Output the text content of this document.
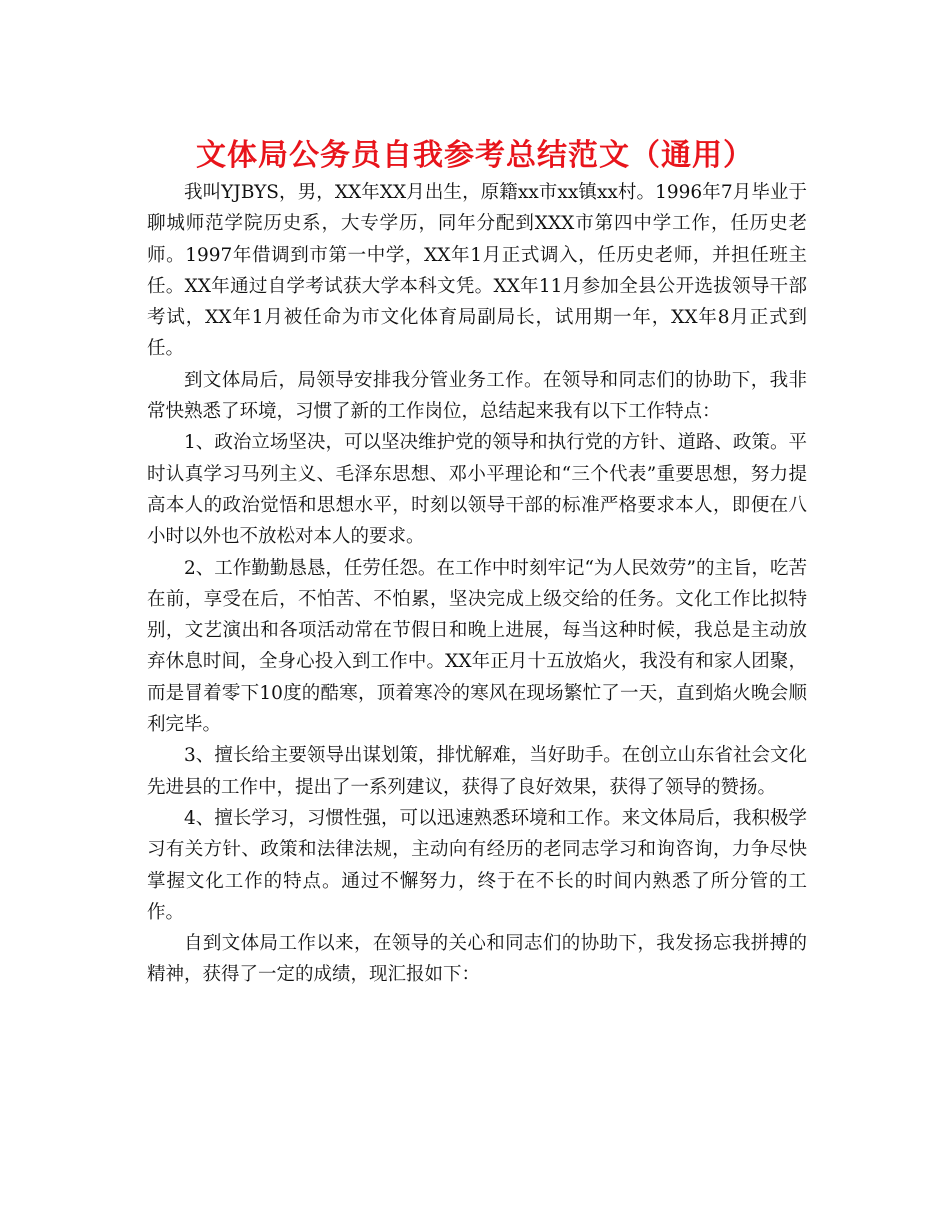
文体局公务员自我参考总结范文（通用）

我叫YJBYS，男，XX年XX月出生，原籍xx市xx镇xx村。1996年7月毕业于聊城师范学院历史系，大专学历，同年分配到XXX市第四中学工作，任历史老师。1997年借调到市第一中学，XX年1月正式调入，任历史老师，并担任班主任。XX年通过自学考试获大学本科文凭。XX年11月参加全县公开选拔领导干部考试，XX年1月被任命为市文化体育局副局长，试用期一年，XX年8月正式到任。

到文体局后，局领导安排我分管业务工作。在领导和同志们的协助下，我非常快熟悉了环境，习惯了新的工作岗位，总结起来我有以下工作特点：

1、政治立场坚决，可以坚决维护党的领导和执行党的方针、道路、政策。平时认真学习马列主义、毛泽东思想、邓小平理论和“三个代表”重要思想，努力提高本人的政治觉悟和思想水平，时刻以领导干部的标准严格要求本人，即便在八小时以外也不放松对本人的要求。

2、工作勤勤恳恳，任劳任怨。在工作中时刻牢记“为人民效劳”的主旨，吃苦在前，享受在后，不怕苦、不怕累，坚决完成上级交给的任务。文化工作比拟特别，文艺演出和各项活动常在节假日和晚上进展，每当这种时候，我总是主动放弃休息时间，全身心投入到工作中。XX年正月十五放焰火，我没有和家人团聚，而是冒着零下10度的酷寒，顶着寒冷的寒风在现场繁忙了一天，直到焰火晚会顺利完毕。

3、擅长给主要领导出谋划策，排忧解难，当好助手。在创立山东省社会文化先进县的工作中，提出了一系列建议，获得了良好效果，获得了领导的赞扬。

4、擅长学习，习惯性强，可以迅速熟悉环境和工作。来文体局后，我积极学习有关方针、政策和法律法规，主动向有经历的老同志学习和询咨询，力争尽快掌握文化工作的特点。通过不懈努力，终于在不长的时间内熟悉了所分管的工作。

自到文体局工作以来，在领导的关心和同志们的协助下，我发扬忘我拼搏的精神，获得了一定的成绩，现汇报如下：
